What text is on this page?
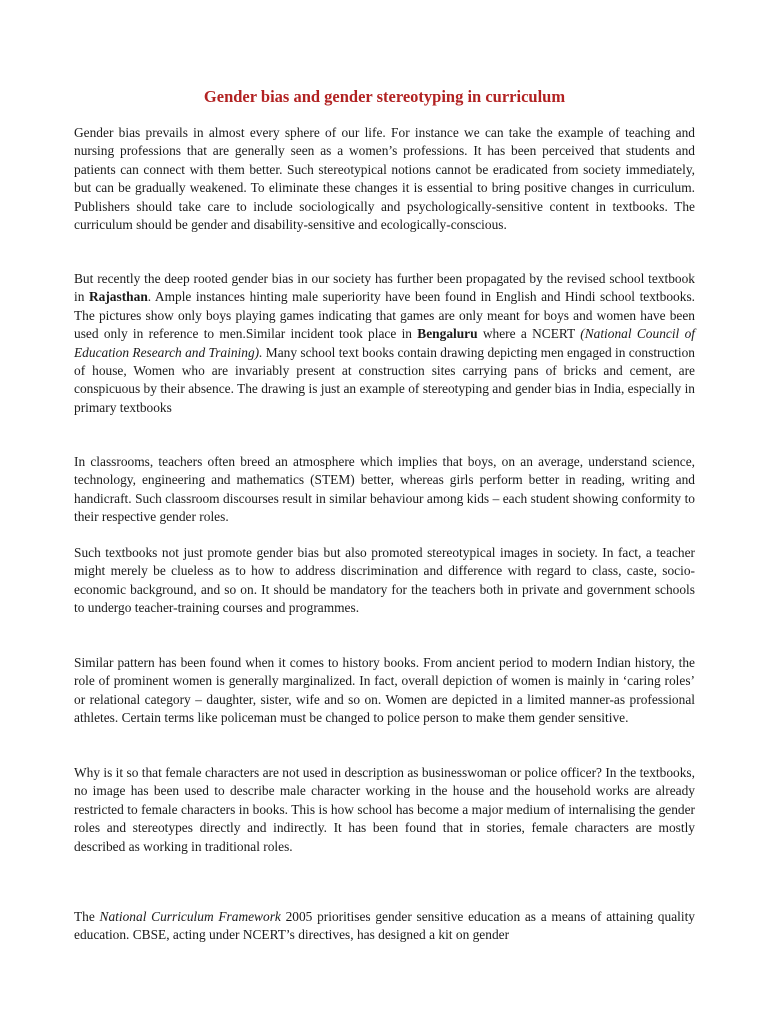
Gender bias and gender stereotyping in curriculum

Gender bias prevails in almost every sphere of our life. For instance we can take the example of teaching and nursing professions that are generally seen as a women’s professions. It has been perceived that students and patients can connect with them better. Such stereotypical notions cannot be eradicated from society immediately, but can be gradually weakened. To eliminate these changes it is essential to bring positive changes in curriculum. Publishers should take care to include sociologically and psychologically-sensitive content in textbooks. The curriculum should be gender and disability-sensitive and ecologically-conscious.

But recently the deep rooted gender bias in our society has further been propagated by the revised school textbook in Rajasthan. Ample instances hinting male superiority have been found in English and Hindi school textbooks. The pictures show only boys playing games indicating that games are only meant for boys and women have been used only in reference to men.Similar incident took place in Bengaluru where a NCERT (National Council of Education Research and Training). Many school text books contain drawing depicting men engaged in construction of house, Women who are invariably present at construction sites carrying pans of bricks and cement, are conspicuous by their absence. The drawing is just an example of stereotyping and gender bias in India, especially in primary textbooks

In classrooms, teachers often breed an atmosphere which implies that boys, on an average, understand science, technology, engineering and mathematics (STEM) better, whereas girls perform better in reading, writing and handicraft. Such classroom discourses result in similar behaviour among kids – each student showing conformity to their respective gender roles.

Such textbooks not just promote gender bias but also promoted stereotypical images in society. In fact, a teacher might merely be clueless as to how to address discrimination and difference with regard to class, caste, socio-economic background, and so on. It should be mandatory for the teachers both in private and government schools to undergo teacher-training courses and programmes.

Similar pattern has been found when it comes to history books. From ancient period to modern Indian history, the role of prominent women is generally marginalized. In fact, overall depiction of women is mainly in ‘caring roles’ or relational category – daughter, sister, wife and so on. Women are depicted in a limited manner-as professional athletes. Certain terms like policeman must be changed to police person to make them gender sensitive.

Why is it so that female characters are not used in description as businesswoman or police officer? In the textbooks, no image has been used to describe male character working in the house and the household works are already restricted to female characters in books. This is how school has become a major medium of internalising the gender roles and stereotypes directly and indirectly. It has been found that in stories, female characters are mostly described as working in traditional roles.

The National Curriculum Framework 2005 prioritises gender sensitive education as a means of attaining quality education. CBSE, acting under NCERT’s directives, has designed a kit on gender
